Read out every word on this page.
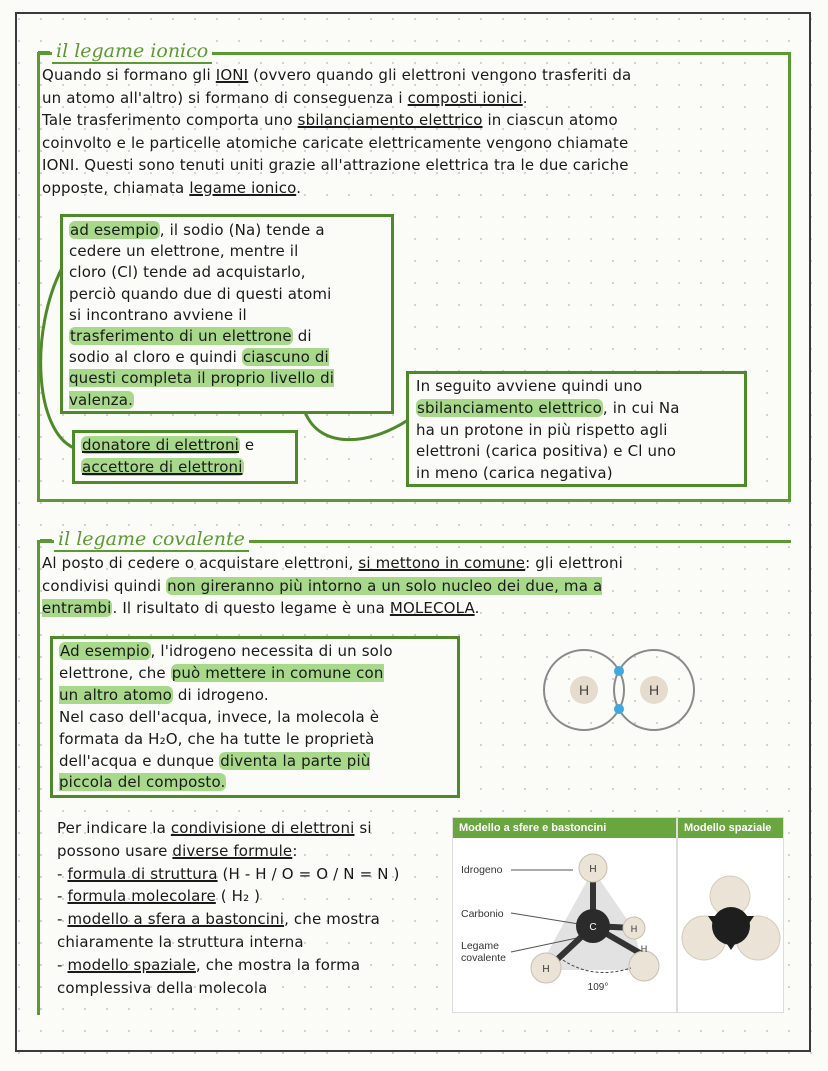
il legame ionico

Quando si formano gli IONI (ovvero quando gli elettroni vengono trasferiti da
un atomo all'altro) si formano di conseguenza i composti ionici.
Tale trasferimento comporta uno sbilanciamento elettrico in ciascun atomo
coinvolto e le particelle atomiche caricate elettricamente vengono chiamate
IONI. Questi sono tenuti uniti grazie all'attrazione elettrica tra le due cariche
opposte, chiamata legame ionico.

ad esempio, il sodio (Na) tende a
cedere un elettrone, mentre il
cloro (Cl) tende ad acquistarlo,
perciò quando due di questi atomi
si incontrano avviene il
trasferimento di un elettrone di
sodio al cloro e quindi ciascuno di
questi completa il proprio livello di
valenza.

donatore di elettroni e
accettore di elettroni

In seguito avviene quindi uno
sbilanciamento elettrico, in cui Na
ha un protone in più rispetto agli
elettroni (carica positiva) e Cl uno
in meno (carica negativa)

il legame covalente

Al posto di cedere o acquistare elettroni, si mettono in comune: gli elettroni
condivisi quindi non gireranno più intorno a un solo nucleo dei due, ma a
entrambi. Il risultato di questo legame è una MOLECOLA.

Ad esempio, l'idrogeno necessita di un solo
elettrone, che può mettere in comune con
un altro atomo di idrogeno.
Nel caso dell'acqua, invece, la molecola è
formata da H₂O, che ha tutte le proprietà
dell'acqua e dunque diventa la parte più
piccola del composto.

H	H

Per indicare la condivisione di elettroni si
possono usare diverse formule:
- formula di struttura (H - H / O = O / N = N )
- formula molecolare ( H₂ )
- modello a sfera a bastoncini, che mostra
chiaramente la struttura interna
- modello spaziale, che mostra la forma
complessiva della molecola

Modello a sfere e bastoncini
Idrogeno
Carbonio
Legame
covalente
C
H
H
H
H
109°
Modello spaziale
